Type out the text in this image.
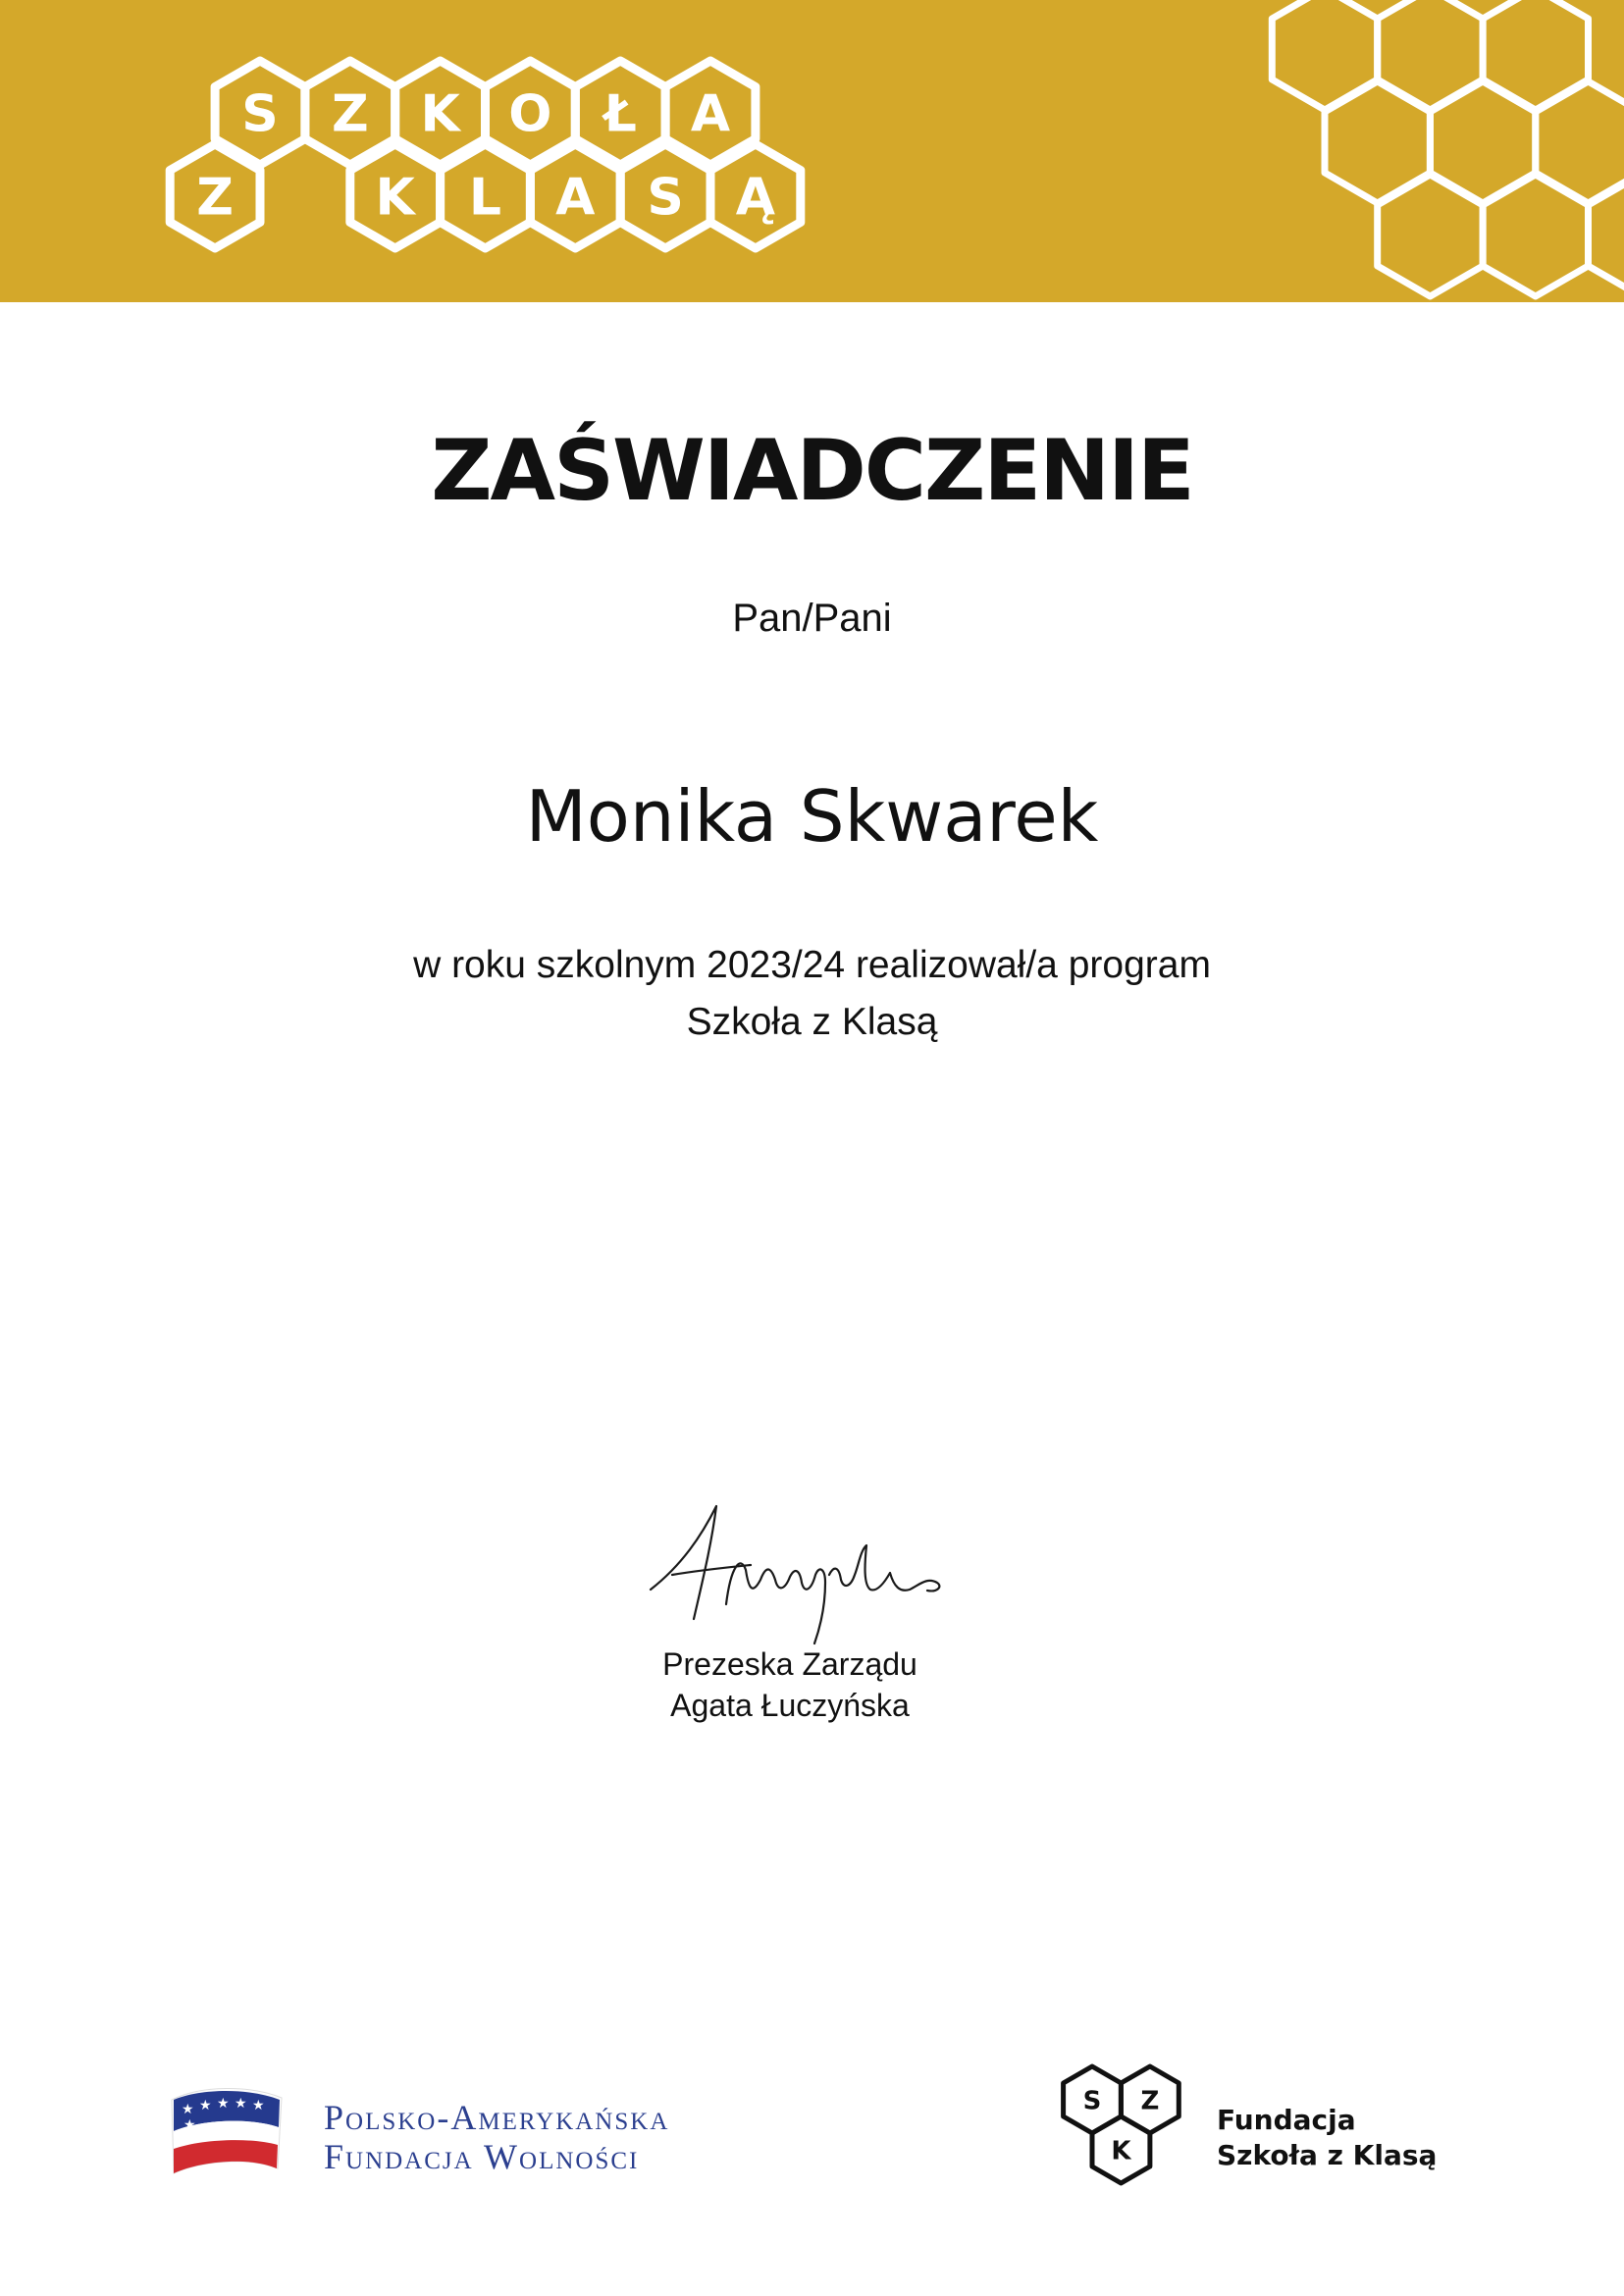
S Z K O Ł A
Z	K L A S Ą
ZAŚWIADCZENIE
Pan/Pani
Monika Skwarek
w roku szkolnym 2023/24 realizował/a program
Szkoła z Klasą
Prezeska Zarządu
Agata Łuczyńska
★ ★ ★ ★ ★
★	Polsko-Amerykańska
Fundacja Wolności
S Z
K
Fundacja
Szkoła z Klasą
